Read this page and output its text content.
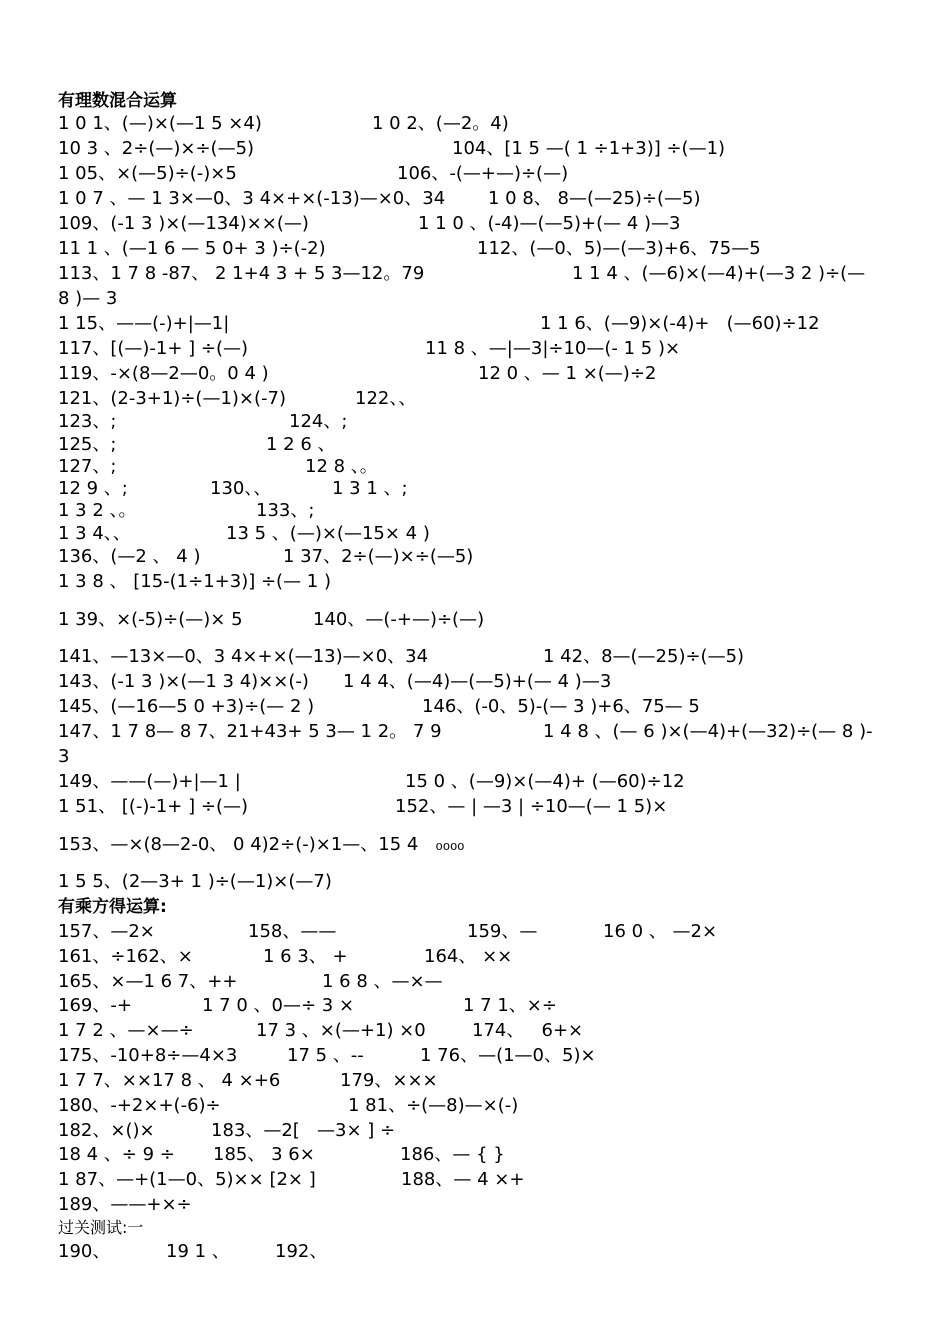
有理数混合运算
1 0 1、(—)×(—1 5 ×4)	1 0 2、(—2。4)
10 3 、2÷(—)×÷(—5)	104、[1 5 —( 1 ÷1+3)] ÷(—1)
1 05、×(—5)÷(-)×5	106、-(—+—)÷(—)
1 0 7 、— 1 3×—0、3 4×+×(-13)—×0、34 1 0 8、 8—(—25)÷(—5)
109、(-1 3 )×(—134)××(—)	1 1 0 、(-4)—(—5)+(— 4 )—3
11 1 、(—1 6 — 5 0+ 3 )÷(-2)	112、(—0、5)—(—3)+6、75—5
113、1 7 8 -87、 2 1+4 3 + 5 3—12。79	1 1 4 、(—6)×(—4)+(—3 2 )÷(—
8 )— 3
1 15、——(-)+|—1|	1 1 6、(—9)×(-4)+   (—60)÷12
117、[(—)-1+ ] ÷(—)	11 8 、—|—3|÷10—(- 1 5 )×
119、-×(8—2—0。0 4 )	12 0 、— 1 ×(—)÷2
121、(2-3+1)÷(—1)×(-7)	122、、
123、;	124、;
125、;	1 2 6 、
127、;	12 8 、。
12 9 、;	130、、	1 3 1 、;
1 3 2 、。	133、;
1 3 4、、	13 5 、(—)×(—15× 4 )
136、(—2 、 4 )	1 37、2÷(—)×÷(—5)
1 3 8 、 [15-(1÷1+3)] ÷(— 1 )
1 39、×(-5)÷(—)× 5	140、—(-+—)÷(—)
141、—13×—0、3 4×+×(—13)—×0、34	1 42、8—(—25)÷(—5)
143、(-1 3 )×(—1 3 4)××(-) 1 4 4、(—4)—(—5)+(— 4 )—3
145、(—16—5 0 +3)÷(— 2 )	146、(-0、5)-(— 3 )+6、75— 5
147、1 7 8— 8 7、21+43+ 5 3— 1 2。 7 9	1 4 8 、(— 6 )×(—4)+(—32)÷(— 8 )-
3
149、——(—)+|—1 |	15 0 、(—9)×(—4)+ (—60)÷12
1 51、 [(-)-1+ ] ÷(—)	152、— | —3 | ÷10—(— 1 5)×
153、—×(8—2-0、 0 4)2÷(-)×1—、15 4   ₀₀₀₀
1 5 5、(2—3+ 1 )÷(—1)×(—7)
有乘方得运算:
157、—2×	158、——	159、—	16 0 、 —2×
161、÷162、×	1 6 3、 +	164、 ××
165、×—1 6 7、++	1 6 8 、—×—
169、-+	1 7 0 、0—÷ 3 ×	1 7 1、×÷
1 7 2 、—×—÷	17 3 、×(—+1) ×0	174、   6+×
175、-10+8÷—4×3	17 5 、--	1 76、—(1—0、5)×
1 7 7、××17 8 、 4 ×+6	179、×××
180、-+2×+(-6)÷	1 81、÷(—8)—×(-)
182、×()×	183、—2[   —3× ] ÷
18 4 、÷ 9 ÷ 185、 3 6×	186、— { }
1 87、—+(1—0、5)×× [2× ]	188、— 4 ×+
189、——+×÷
过关测试:一
190、	19 1 、	192、
